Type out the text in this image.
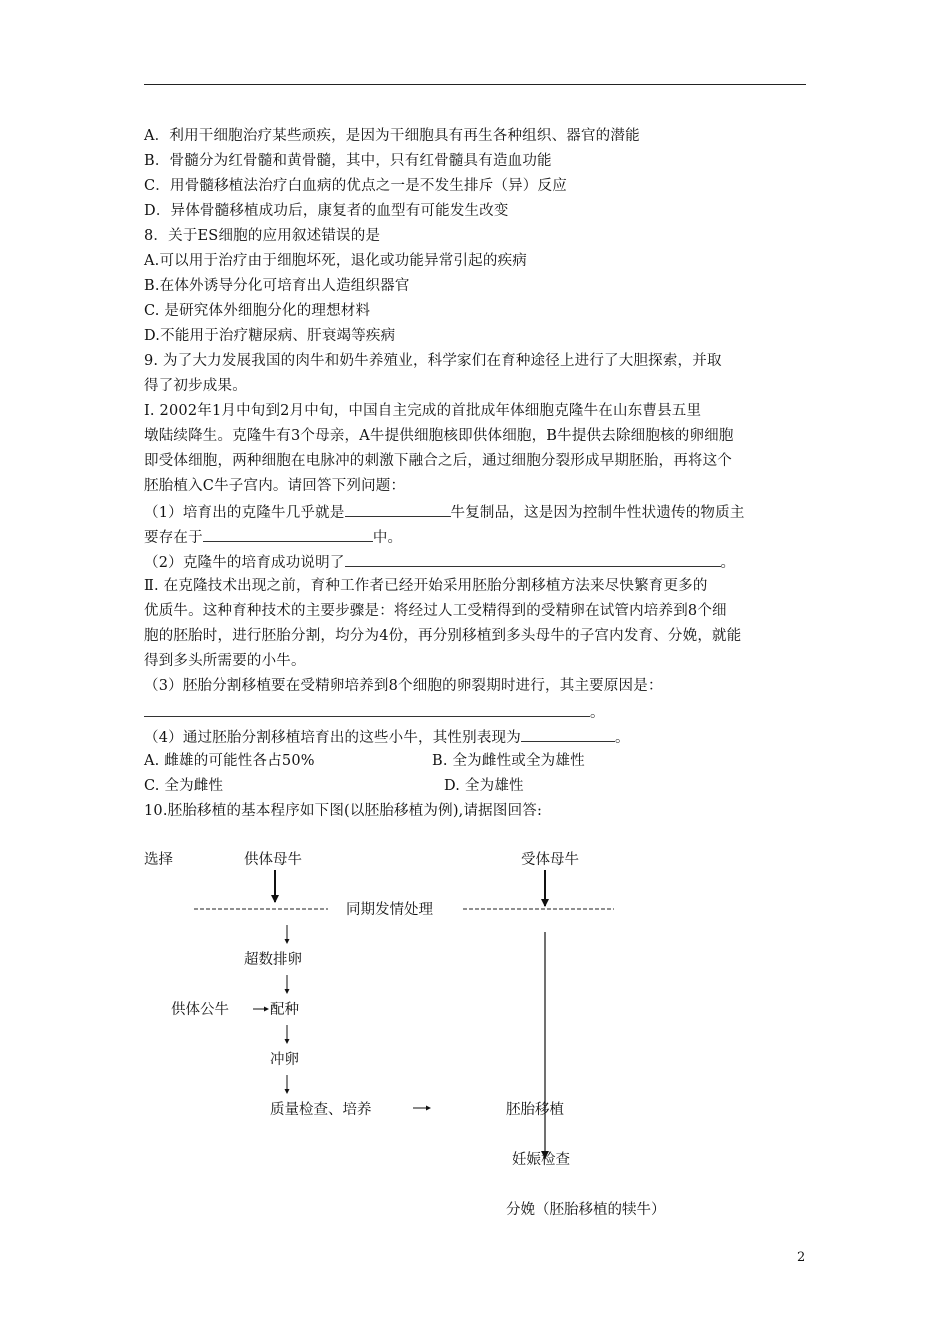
A．利用干细胞治疗某些顽疾，是因为干细胞具有再生各种组织、器官的潜能
B．骨髓分为红骨髓和黄骨髓，其中，只有红骨髓具有造血功能
C．用骨髓移植法治疗白血病的优点之一是不发生排斥（异）反应
D．异体骨髓移植成功后，康复者的血型有可能发生改变
8．关于ES细胞的应用叙述错误的是
A.可以用于治疗由于细胞坏死，退化或功能异常引起的疾病
B.在体外诱导分化可培育出人造组织器官
C. 是研究体外细胞分化的理想材料
D.不能用于治疗糖尿病、肝衰竭等疾病
9. 为了大力发展我国的肉牛和奶牛养殖业，科学家们在育种途径上进行了大胆探索，并取
得了初步成果。
Ⅰ. 2002年1月中旬到2月中旬，中国自主完成的首批成年体细胞克隆牛在山东曹县五里
墩陆续降生。克隆牛有3个母亲，A牛提供细胞核即供体细胞，B牛提供去除细胞核的卵细胞
即受体细胞，两种细胞在电脉冲的刺激下融合之后，通过细胞分裂形成早期胚胎，再将这个
胚胎植入C牛子宫内。请回答下列问题：
（1）培育出的克隆牛几乎就是	牛复制品，这是因为控制牛性状遗传的物质主
要存在于	中。
（2）克隆牛的培育成功说明了	。
Ⅱ. 在克隆技术出现之前，育种工作者已经开始采用胚胎分割移植方法来尽快繁育更多的
优质牛。这种育种技术的主要步骤是：将经过人工受精得到的受精卵在试管内培养到8个细
胞的胚胎时，进行胚胎分割，均分为4份，再分别移植到多头母牛的子宫内发育、分娩，就能
得到多头所需要的小牛。
（3）胚胎分割移植要在受精卵培养到8个细胞的卵裂期时进行，其主要原因是：
。
（4）通过胚胎分割移植培育出的这些小牛，其性别表现为	。
A. 雌雄的可能性各占50%	B. 全为雌性或全为雄性
C. 全为雌性	D. 全为雄性
10.胚胎移植的基本程序如下图(以胚胎移植为例),请据图回答:
选择	供体母牛	受体母牛
同期发情处理
超数排卵
供体公牛	配种
冲卵
质量检查、培养	胚胎移植
妊娠检查
分娩（胚胎移植的犊牛）
2
